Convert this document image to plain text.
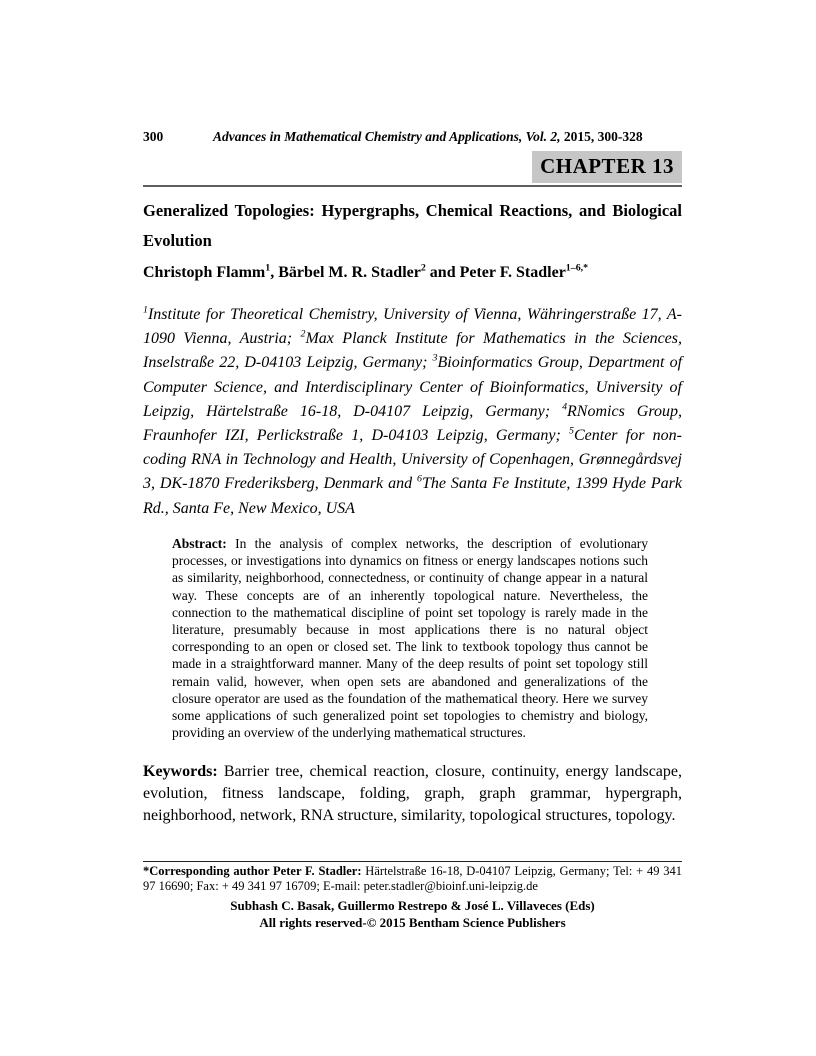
300	Advances in Mathematical Chemistry and Applications, Vol. 2, 2015, 300-328
CHAPTER 13
Generalized Topologies: Hypergraphs, Chemical Reactions, and Biological Evolution

Christoph Flamm$^1$, Bärbel M. R. Stadler$^2$ and Peter F. Stadler$^{1-6,*}$

$^1$Institute for Theoretical Chemistry, University of Vienna, Währingerstraße 17, A-1090 Vienna, Austria; $^2$Max Planck Institute for Mathematics in the Sciences, Inselstraße 22, D-04103 Leipzig, Germany; $^3$Bioinformatics Group, Department of Computer Science, and Interdisciplinary Center of Bioinformatics, University of Leipzig, Härtelstraße 16-18, D-04107 Leipzig, Germany; $^4$RNomics Group, Fraunhofer IZI, Perlickstraße 1, D-04103 Leipzig, Germany; $^5$Center for non-coding RNA in Technology and Health, University of Copenhagen, Grønnegårdsvej 3, DK-1870 Frederiksberg, Denmark and $^6$The Santa Fe Institute, 1399 Hyde Park Rd., Santa Fe, New Mexico, USA

Abstract: In the analysis of complex networks, the description of evolutionary processes, or investigations into dynamics on fitness or energy landscapes notions such as similarity, neighborhood, connectedness, or continuity of change appear in a natural way. These concepts are of an inherently topological nature. Nevertheless, the connection to the mathematical discipline of point set topology is rarely made in the literature, presumably because in most applications there is no natural object corresponding to an open or closed set. The link to textbook topology thus cannot be made in a straightforward manner. Many of the deep results of point set topology still remain valid, however, when open sets are abandoned and generalizations of the closure operator are used as the foundation of the mathematical theory. Here we survey some applications of such generalized point set topologies to chemistry and biology, providing an overview of the underlying mathematical structures.

Keywords: Barrier tree, chemical reaction, closure, continuity, energy landscape, evolution, fitness landscape, folding, graph, graph grammar, hypergraph, neighborhood, network, RNA structure, similarity, topological structures, topology.

*Corresponding author Peter F. Stadler: Härtelstraße 16-18, D-04107 Leipzig, Germany; Tel: + 49 341 97 16690; Fax: + 49 341 97 16709; E-mail: peter.stadler@bioinf.uni-leipzig.de

Subhash C. Basak, Guillermo Restrepo & José L. Villaveces (Eds)
All rights reserved-© 2015 Bentham Science Publishers
